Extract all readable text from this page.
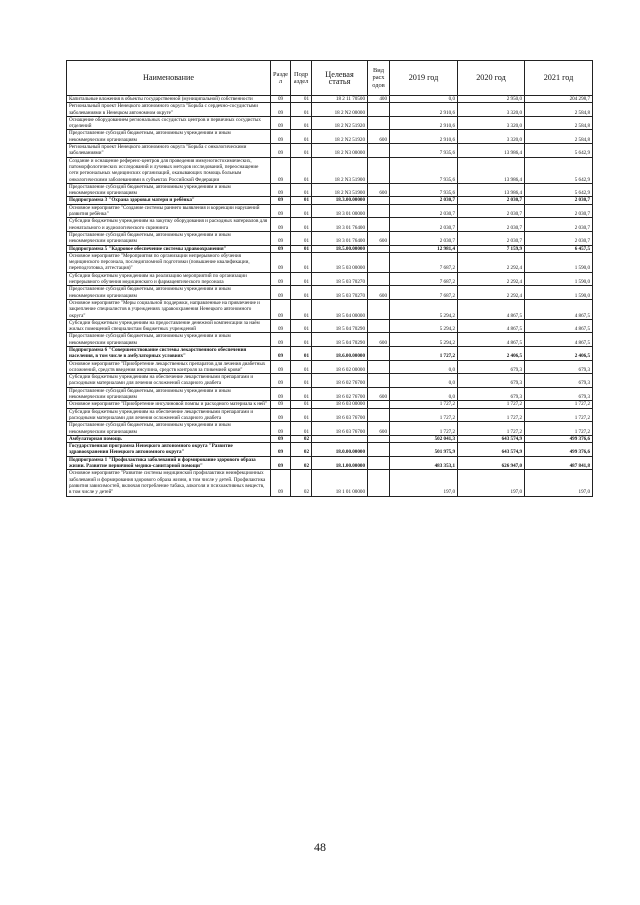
Наименование	Разде л	Подр аздел	Целевая статья	Вид расх одов	2019 год	2020 год	2021 год
Капитальные вложения в объекты государственной (муниципальной) собственности	09	01	18 2 11 70500	400	0,0	2 950,0	204 298,7
Региональный проект Ненецкого автономного округа "Борьба с сердечно-сосудистыми заболеваниями в Ненецком автономном округе"	09	01	18 2 N2 00000		2 910,6	3 320,0	2 584,8
Оснащение оборудованием региональных сосудистых центров и первичных сосудистых отделений	09	01	18 2 N2 51920		2 910,6	3 320,0	2 584,8
Предоставление субсидий бюджетным, автономным учреждениям и иным некоммерческим организациям	09	01	18 2 N2 51920	600	2 910,6	3 320,0	2 584,8
Региональный проект Ненецкого автономного округа "Борьба с онкологическими заболеваниями"	09	01	18 2 N3 00000		7 935,6	13 986,4	5 642,9
Создание и оснащение референс-центров для проведения иммуногистохимических, патоморфологических исследований и лучевых методов исследований, переоснащение сети региональных медицинских организаций, оказывающих помощь больным онкологическими заболеваниями в субъектах Российской Федерации	09	01	18 2 N3 51900		7 935,6	13 986,4	5 642,9
Предоставление субсидий бюджетным, автономным учреждениям и иным некоммерческим организациям	09	01	18 2 N3 51900	600	7 935,6	13 986,4	5 642,9
Подпрограмма 3 "Охрана здоровья матери и ребёнка"	09	01	18.3.00.00000		2 030,7	2 030,7	2 030,7
Основное мероприятие "Создание системы раннего выявления и коррекции нарушений развития ребёнка"	09	01	18 3 01 00000		2 030,7	2 030,7	2 030,7
Субсидии бюджетным учреждениям на закупку оборудования и расходных материалов для неонатального и аудиологического скрининга	09	01	18 3 01 76400		2 030,7	2 030,7	2 030,7
Предоставление субсидий бюджетным, автономным учреждениям и иным некоммерческим организациям	09	01	18 3 01 76400	600	2 030,7	2 030,7	2 030,7
Подпрограмма 5 "Кадровое обеспечение системы здравоохранения"	09	01	18.5.00.00000		12 981,4	7 159,9	6 457,5
Основное мероприятие "Мероприятия по организации непрерывного обучения медицинского персонала, последипломной подготовки (повышение квалификации, переподготовка, аттестация)"	09	01	18 5 03 00000		7 687,2	2 292,4	1 590,0
Субсидии бюджетным учреждениям на реализацию мероприятий по организации непрерывного обучения медицинского и фармацевтического персонала	09	01	18 5 03 70270		7 687,2	2 292,4	1 590,0
Предоставление субсидий бюджетным, автономным учреждениям и иным некоммерческим организациям	09	01	18 5 03 70270	600	7 687,2	2 292,4	1 590,0
Основное мероприятие "Меры социальной поддержки, направленные на привлечение и закрепление специалистов в учреждениях здравоохранения Ненецкого автономного округа"	09	01	18 5 04 00000		5 294,2	4 867,5	4 867,5
Субсидии бюджетным учреждениям на предоставление денежной компенсации за наём жилых помещений специалистам бюджетных учреждений	09	01	18 5 04 70290		5 294,2	4 867,5	4 867,5
Предоставление субсидий бюджетным, автономным учреждениям и иным некоммерческим организациям	09	01	18 5 04 70290	600	5 294,2	4 867,5	4 867,5
Подпрограмма 6 "Совершенствование системы лекарственного обеспечения населения, в том числе в амбулаторных условиях"	09	01	18.6.00.00000		1 727,2	2 406,5	2 406,5
Основное мероприятие "Приобретение лекарственных препаратов для лечения диабетных осложнений, средств введения инсулина, средств контроля за гликемией крови"	09	01	18 6 02 00000		0,0	679,3	679,3
Субсидии бюджетным учреждениям на обеспечение лекарственными препаратами и расходными материалами для лечения осложнений сахарного диабета	09	01	18 6 02 76700		0,0	679,3	679,3
Предоставление субсидий бюджетным, автономным учреждениям и иным некоммерческим организациям	09	01	18 6 02 76700	600	0,0	679,3	679,3
Основное мероприятие "Приобретение инсулиновой помпы и расходного материала к ней"	09	01	18 6 03 00000		1 727,2	1 727,2	1 727,2
Субсидии бюджетным учреждениям на обеспечение лекарственными препаратами и расходными материалами для лечения осложнений сахарного диабета	09	01	18 6 03 76700		1 727,2	1 727,2	1 727,2
Предоставление субсидий бюджетным, автономным учреждениям и иным некоммерческим организациям	09	01	18 6 03 76700	600	1 727,2	1 727,2	1 727,2
Амбулаторная помощь	09	02			502 041,3	643 574,9	499 376,6
Государственная программа Ненецкого автономного округа "Развитие здравоохранения Ненецкого автономного округа"	09	02	18.0.00.00000		501 975,9	643 574,9	499 376,6
Подпрограмма 1 "Профилактика заболеваний и формирование здорового образа жизни. Развитие первичной медико-санитарной помощи"	09	02	18.1.00.00000		483 353,1	626 947,0	487 841,8
Основное мероприятие "Развитие системы медицинской профилактики неинфекционных заболеваний и формирования здорового образа жизни, в том числе у детей. Профилактика развития зависимостей, включая потребление табака, алкоголя и психоактивных веществ, в том числе у детей"	09	02	18 1 01 00000		197,0	197,0	197,0
48
